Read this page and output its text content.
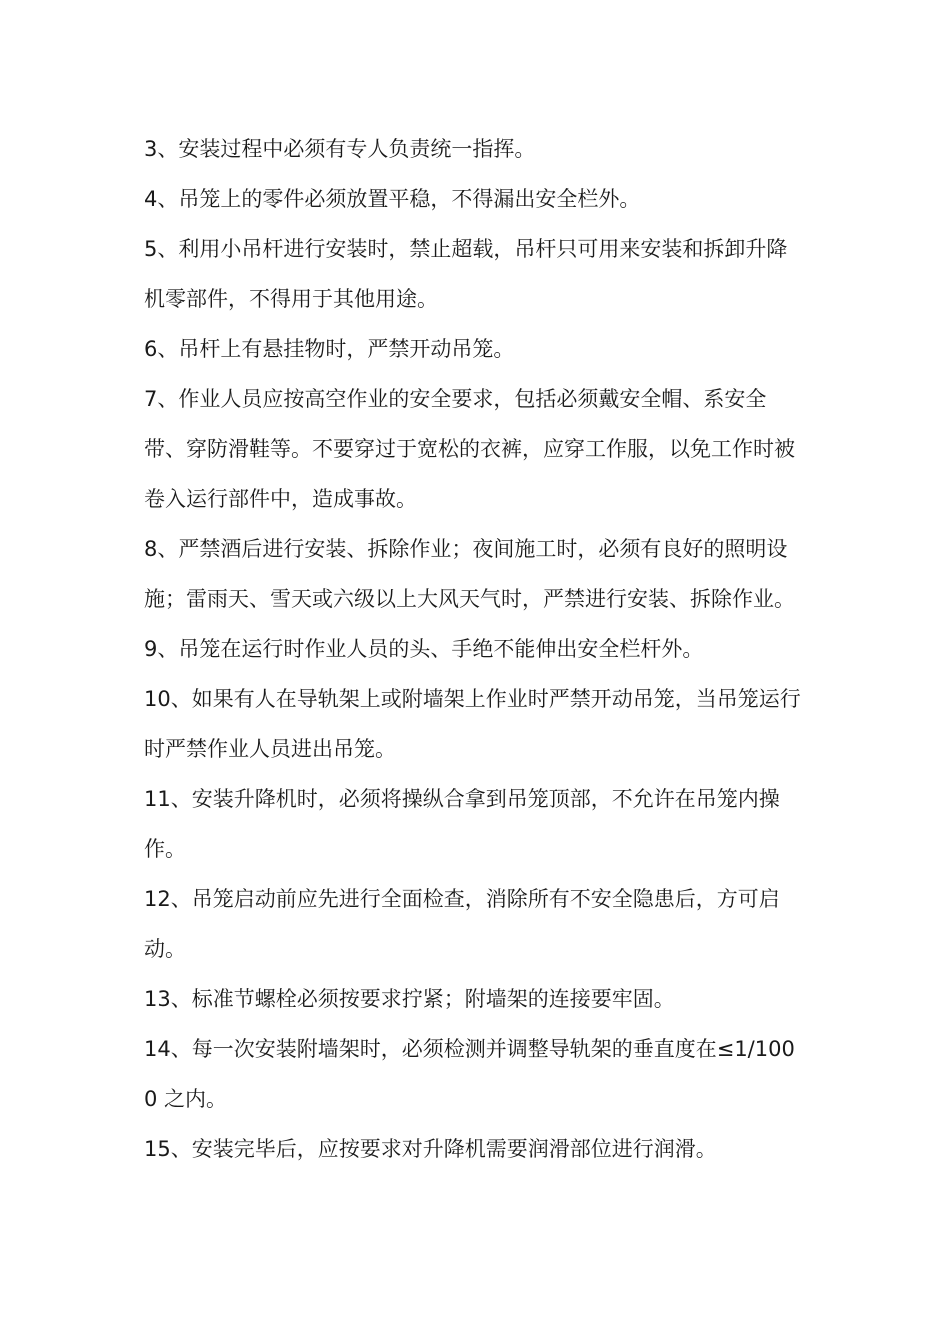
3、安装过程中必须有专人负责统一指挥。

4、吊笼上的零件必须放置平稳，不得漏出安全栏外。

5、利用小吊杆进行安装时，禁止超载，吊杆只可用来安装和拆卸升降机零部件，不得用于其他用途。

6、吊杆上有悬挂物时，严禁开动吊笼。

7、作业人员应按高空作业的安全要求，包括必须戴安全帽、系安全带、穿防滑鞋等。不要穿过于宽松的衣裤，应穿工作服，以免工作时被卷入运行部件中，造成事故。

8、严禁酒后进行安装、拆除作业；夜间施工时，必须有良好的照明设施；雷雨天、雪天或六级以上大风天气时，严禁进行安装、拆除作业。

9、吊笼在运行时作业人员的头、手绝不能伸出安全栏杆外。

10、如果有人在导轨架上或附墙架上作业时严禁开动吊笼，当吊笼运行时严禁作业人员进出吊笼。

11、安装升降机时，必须将操纵合拿到吊笼顶部，不允许在吊笼内操作。

12、吊笼启动前应先进行全面检查，消除所有不安全隐患后，方可启动。

13、标准节螺栓必须按要求拧紧；附墙架的连接要牢固。

14、每一次安装附墙架时，必须检测并调整导轨架的垂直度在≤1/1000 之内。

15、安装完毕后，应按要求对升降机需要润滑部位进行润滑。
